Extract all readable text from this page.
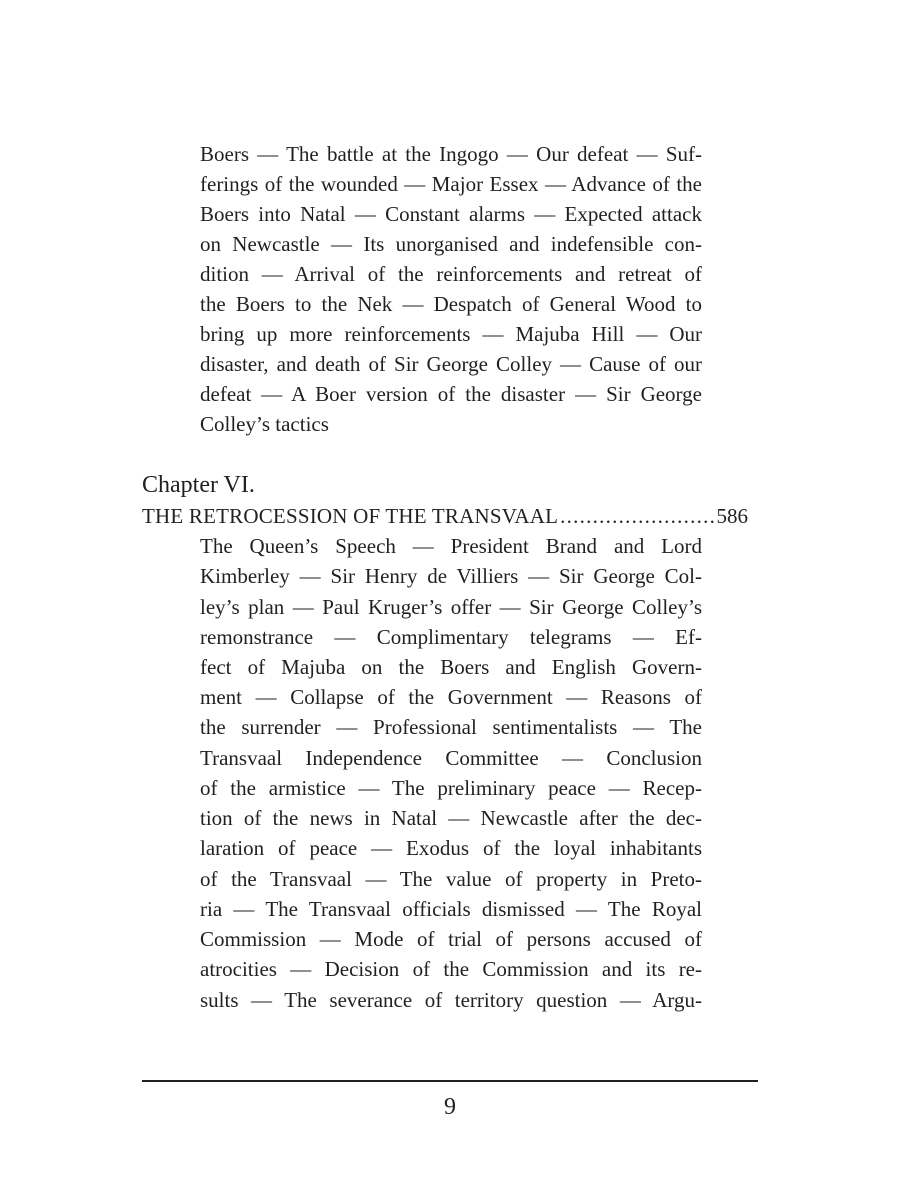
Boers — The battle at the Ingogo — Our defeat — Suf-
ferings of the wounded — Major Essex — Advance of the
Boers into Natal — Constant alarms — Expected attack
on Newcastle — Its unorganised and indefensible con-
dition — Arrival of the reinforcements and retreat of
the Boers to the Nek — Despatch of General Wood to
bring up more reinforcements — Majuba Hill — Our
disaster, and death of Sir George Colley — Cause of our
defeat — A Boer version of the disaster — Sir George
Colley’s tactics
Chapter VI.
THE RETROCESSION OF THE TRANSVAAL
. . .	586
The Queen’s Speech — President Brand and Lord
Kimberley — Sir Henry de Villiers — Sir George Col-
ley’s plan — Paul Kruger’s offer — Sir George Colley’s
remonstrance — Complimentary telegrams — Ef-
fect of Majuba on the Boers and English Govern-
ment — Collapse of the Government — Reasons of
the surrender — Professional sentimentalists — The
Transvaal Independence Committee — Conclusion
of the armistice — The preliminary peace — Recep-
tion of the news in Natal — Newcastle after the dec-
laration of peace — Exodus of the loyal inhabitants
of the Transvaal — The value of property in Preto-
ria — The Transvaal officials dismissed — The Royal
Commission — Mode of trial of persons accused of
atrocities — Decision of the Commission and its re-
sults — The severance of territory question — Argu-
9
